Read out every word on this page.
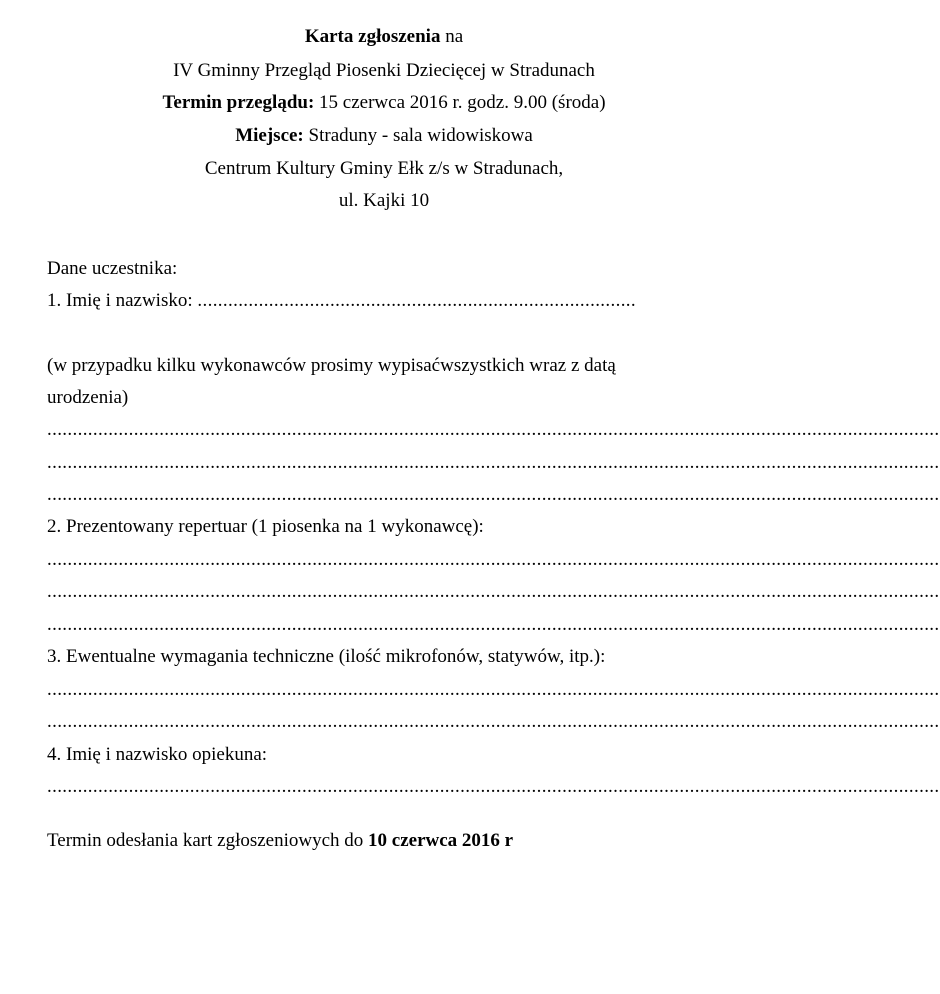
Karta zgłoszenia na
IV Gminny Przegląd Piosenki Dziecięcej w Stradunach
Termin przeglądu: 15 czerwca 2016 r. godz. 9.00 (środa)
Miejsce: Straduny - sala widowiskowa
Centrum Kultury Gminy Ełk z/s w Stradunach,
ul. Kajki 10
Dane uczestnika:
1. Imię i nazwisko: ......................................................................................
(w przypadku kilku wykonawców prosimy wypisaćwszystkich wraz z datą
urodzenia)
...............................................................................................................................................................................
...............................................................................................................................................................................
...............................................................................................................................................................................
2. Prezentowany repertuar (1 piosenka na 1 wykonawcę):
...............................................................................................................................................................................
...............................................................................................................................................................................
...............................................................................................................................................................................
3. Ewentualne wymagania techniczne (ilość mikrofonów, statywów, itp.):
...............................................................................................................................................................................
...............................................................................................................................................................................
4. Imię i nazwisko opiekuna:
...............................................................................................................................................................................
Termin odesłania kart zgłoszeniowych do 10 czerwca 2016 r
